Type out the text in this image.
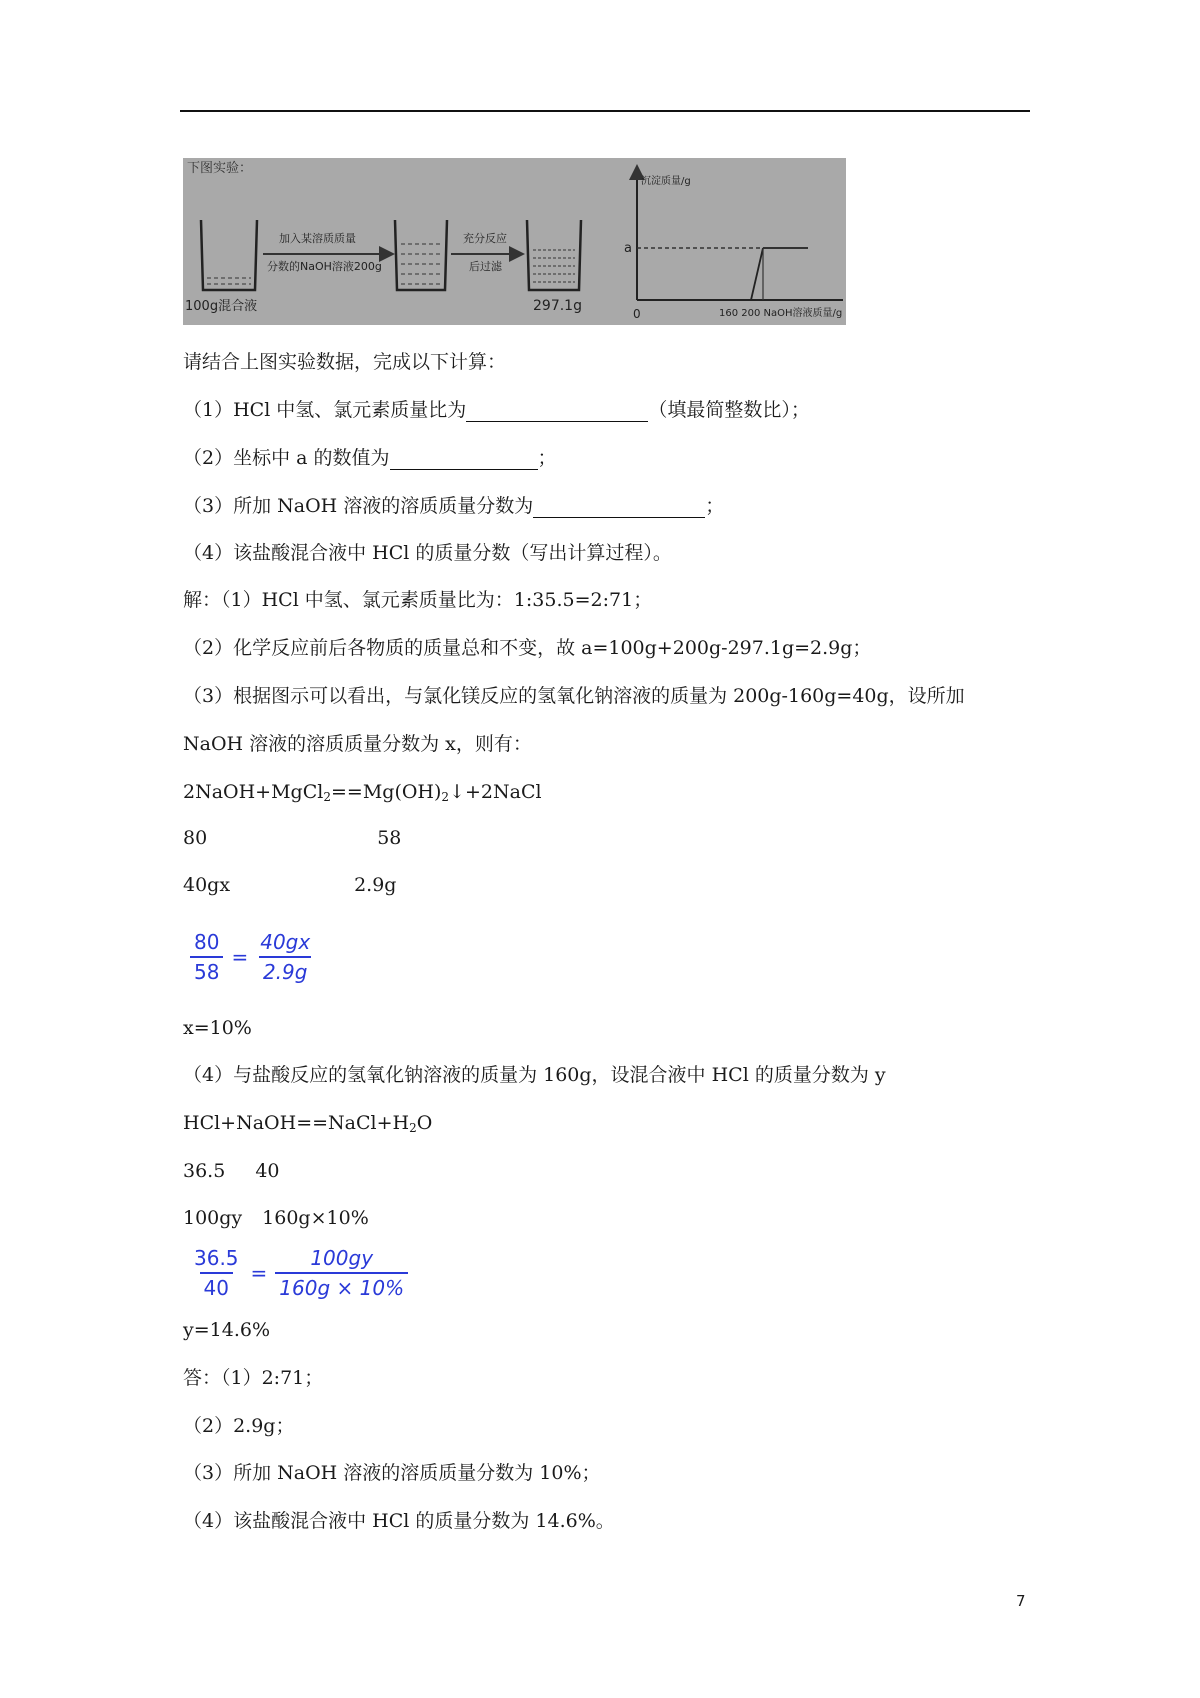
下图实验：
100g混合液
加入某溶质质量
分数的NaOH溶液200g
充分反应
后过滤
297.1g
沉淀质量/g
a
0	160 200 NaOH溶液质量/g
请结合上图实验数据，完成以下计算：
（1）HCl 中氢、氯元素质量比为	（填最简整数比）；
（2）坐标中 a 的数值为	；
（3）所加 NaOH 溶液的溶质质量分数为	；
（4）该盐酸混合液中 HCl 的质量分数（写出计算过程）。
解：（1）HCl 中氢、氯元素质量比为：1:35.5=2:71；
（2）化学反应前后各物质的质量总和不变，故 a=100g+200g-297.1g=2.9g；
（3）根据图示可以看出，与氯化镁反应的氢氧化钠溶液的质量为 200g-160g=40g，设所加
NaOH 溶液的溶质质量分数为 x，则有：
$2NaOH+MgCl_2==Mg(OH)_2↓+2NaCl$
80	58
40gx	2.9g
$\frac{80}{58} = \frac{40gx}{2.9g}$
x=10%
（4）与盐酸反应的氢氧化钠溶液的质量为 160g，设混合液中 HCl 的质量分数为 y
$HCl+NaOH==NaCl+H_2O$
36.5 40
100gy 160g×10%
$\frac{36.5}{40} = \frac{100gy}{160g \times 10\%}$
y=14.6%
答：（1）2:71；
（2）2.9g；
（3）所加 NaOH 溶液的溶质质量分数为 10%；
（4）该盐酸混合液中 HCl 的质量分数为 14.6%。
7
